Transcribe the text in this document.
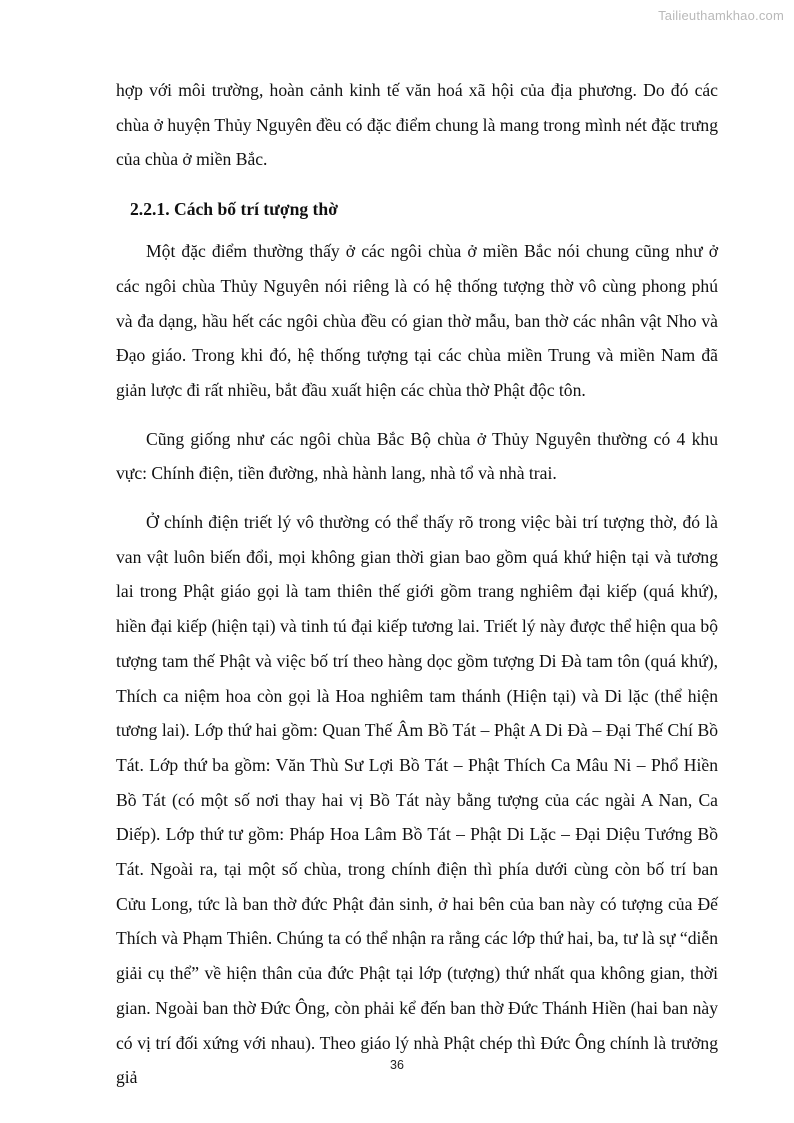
Tailieuthamkhao.com

hợp với môi trường, hoàn cảnh kinh tế văn hoá xã hội của địa phương. Do đó các chùa ở huyện Thủy Nguyên đều có đặc điểm chung là mang trong mình nét đặc trưng của chùa ở miền Bắc.

2.2.1. Cách bố trí tượng thờ

Một đặc điểm thường thấy ở các ngôi chùa ở miền Bắc nói chung cũng như ở các ngôi chùa Thủy Nguyên nói riêng là có hệ thống tượng thờ vô cùng phong phú và đa dạng, hầu hết các ngôi chùa đều có gian thờ mẫu, ban thờ các nhân vật Nho và Đạo giáo. Trong khi đó, hệ thống tượng tại các chùa miền Trung và miền Nam đã giản lược đi rất nhiều, bắt đầu xuất hiện các chùa thờ Phật độc tôn.

Cũng giống như các ngôi chùa Bắc Bộ chùa ở Thủy Nguyên thường có 4 khu vực: Chính điện, tiền đường, nhà hành lang, nhà tổ và nhà trai.

Ở chính điện triết lý vô thường có thể thấy rõ trong việc bài trí tượng thờ, đó là van vật luôn biến đổi, mọi không gian thời gian bao gồm quá khứ hiện tại và tương lai trong Phật giáo gọi là tam thiên thế giới gồm trang nghiêm đại kiếp (quá khứ), hiền đại kiếp (hiện tại) và tinh tú đại kiếp tương lai. Triết lý này được thể hiện qua bộ tượng tam thế Phật và việc bố trí theo hàng dọc gồm tượng Di Đà tam tôn (quá khứ), Thích ca niệm hoa còn gọi là Hoa nghiêm tam thánh (Hiện tại) và Di lặc (thể hiện tương lai). Lớp thứ hai gồm: Quan Thế Âm Bồ Tát – Phật A Di Đà – Đại Thế Chí Bồ Tát. Lớp thứ ba gồm: Văn Thù Sư Lợi Bồ Tát – Phật Thích Ca Mâu Ni – Phổ Hiền Bồ Tát (có một số nơi thay hai vị Bồ Tát này bằng tượng của các ngài A Nan, Ca Diếp). Lớp thứ tư gồm: Pháp Hoa Lâm Bồ Tát – Phật Di Lặc – Đại Diệu Tướng Bồ Tát. Ngoài ra, tại một số chùa, trong chính điện thì phía dưới cùng còn bố trí ban Cửu Long, tức là ban thờ đức Phật đản sinh, ở hai bên của ban này có tượng của Đế Thích và Phạm Thiên. Chúng ta có thể nhận ra rằng các lớp thứ hai, ba, tư là sự “diễn giải cụ thể” về hiện thân của đức Phật tại lớp (tượng) thứ nhất qua không gian, thời gian. Ngoài ban thờ Đức Ông, còn phải kể đến ban thờ Đức Thánh Hiền (hai ban này có vị trí đối xứng với nhau). Theo giáo lý nhà Phật chép thì Đức Ông chính là trưởng giả

36
